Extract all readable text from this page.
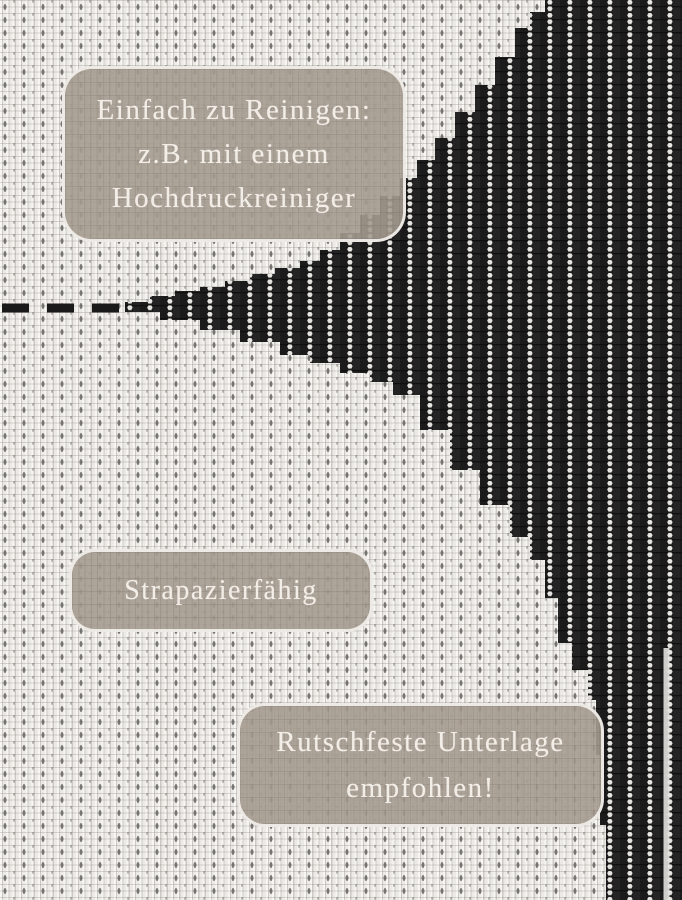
Einfach zu Reinigen:
z.B. mit einem
Hochdruckreiniger
Strapazierfähig
Rutschfeste Unterlage
empfohlen!
